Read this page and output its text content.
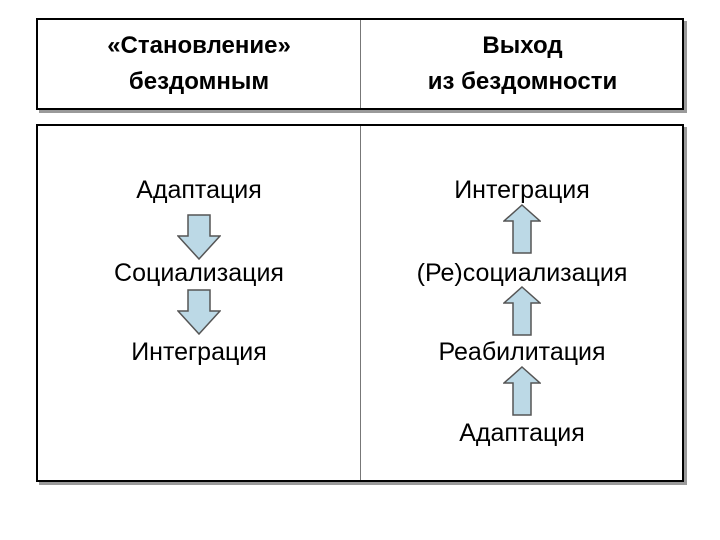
«Становление»
бездомным
Выход
из бездомности
Адаптация
Социализация
Интеграция
Интеграция
(Ре)социализация
Реабилитация
Адаптация
